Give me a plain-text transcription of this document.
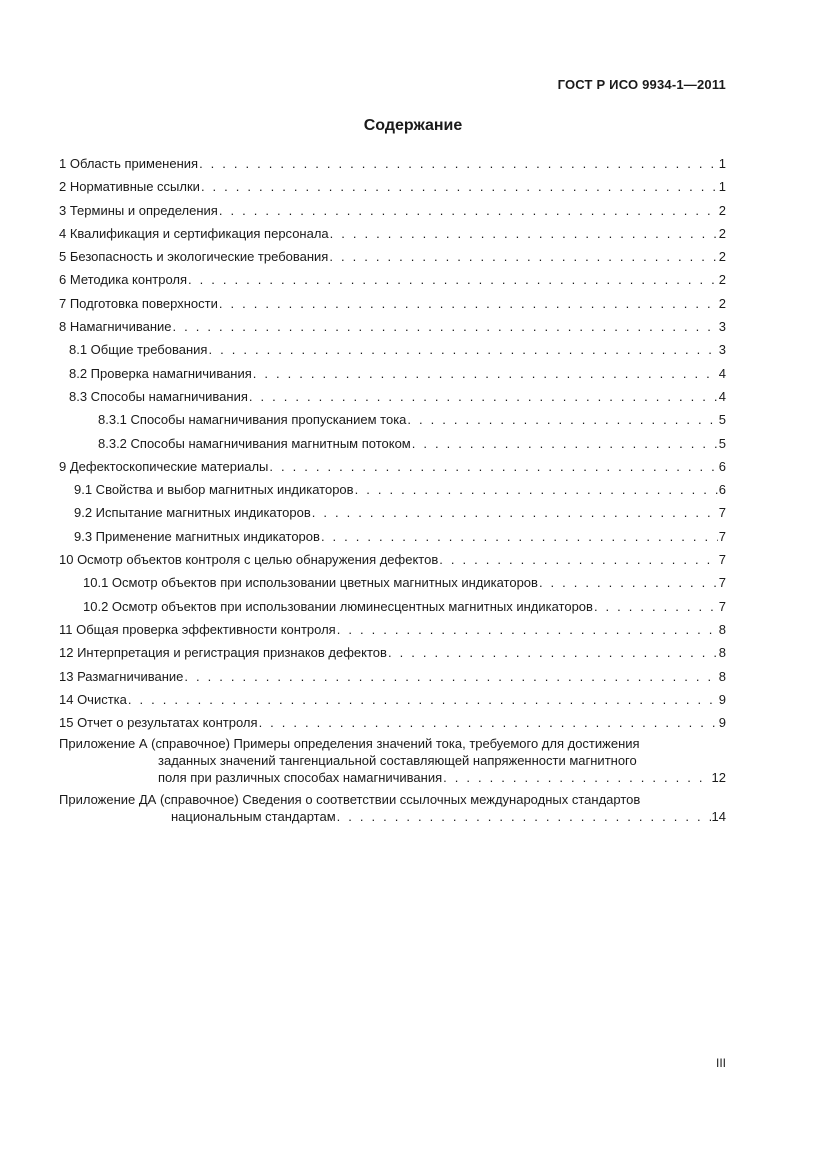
ГОСТ Р ИСО 9934-1—2011
Содержание
1 Область применения . . .	1
2 Нормативные ссылки . . .	1
3 Термины и определения . . .	2
4 Квалификация и сертификация персонала . . .	2
5 Безопасность и экологические требования . . .	2
6 Методика контроля . . .	2
7 Подготовка поверхности . . .	2
8 Намагничивание . . .	3
8.1 Общие требования . . .	3
8.2 Проверка намагничивания . . .	4
8.3 Способы намагничивания . . .	4
8.3.1 Способы намагничивания пропусканием тока . . .	5
8.3.2 Способы намагничивания магнитным потоком . . .	5
9 Дефектоскопические материалы . . .	6
9.1 Свойства и выбор магнитных индикаторов . . .	6
9.2 Испытание магнитных индикаторов . . .	7
9.3 Применение магнитных индикаторов . . .	7
10 Осмотр объектов контроля с целью обнаружения дефектов . . .	7
10.1 Осмотр объектов при использовании цветных магнитных индикаторов . . .	7
10.2 Осмотр объектов при использовании люминесцентных магнитных индикаторов . . .	7
11 Общая проверка эффективности контроля . . .	8
12 Интерпретация и регистрация признаков дефектов . . .	8
13 Размагничивание . . .	8
14 Очистка . . .	9
15 Отчет о результатах контроля . . .	9
Приложение А (справочное) Примеры определения значений тока, требуемого для достижения
заданных значений тангенциальной составляющей напряженности магнитного
поля при различных способах намагничивания . . .	12
Приложение ДА (справочное) Сведения о соответствии ссылочных международных стандартов
национальным стандартам . . .	14
III
